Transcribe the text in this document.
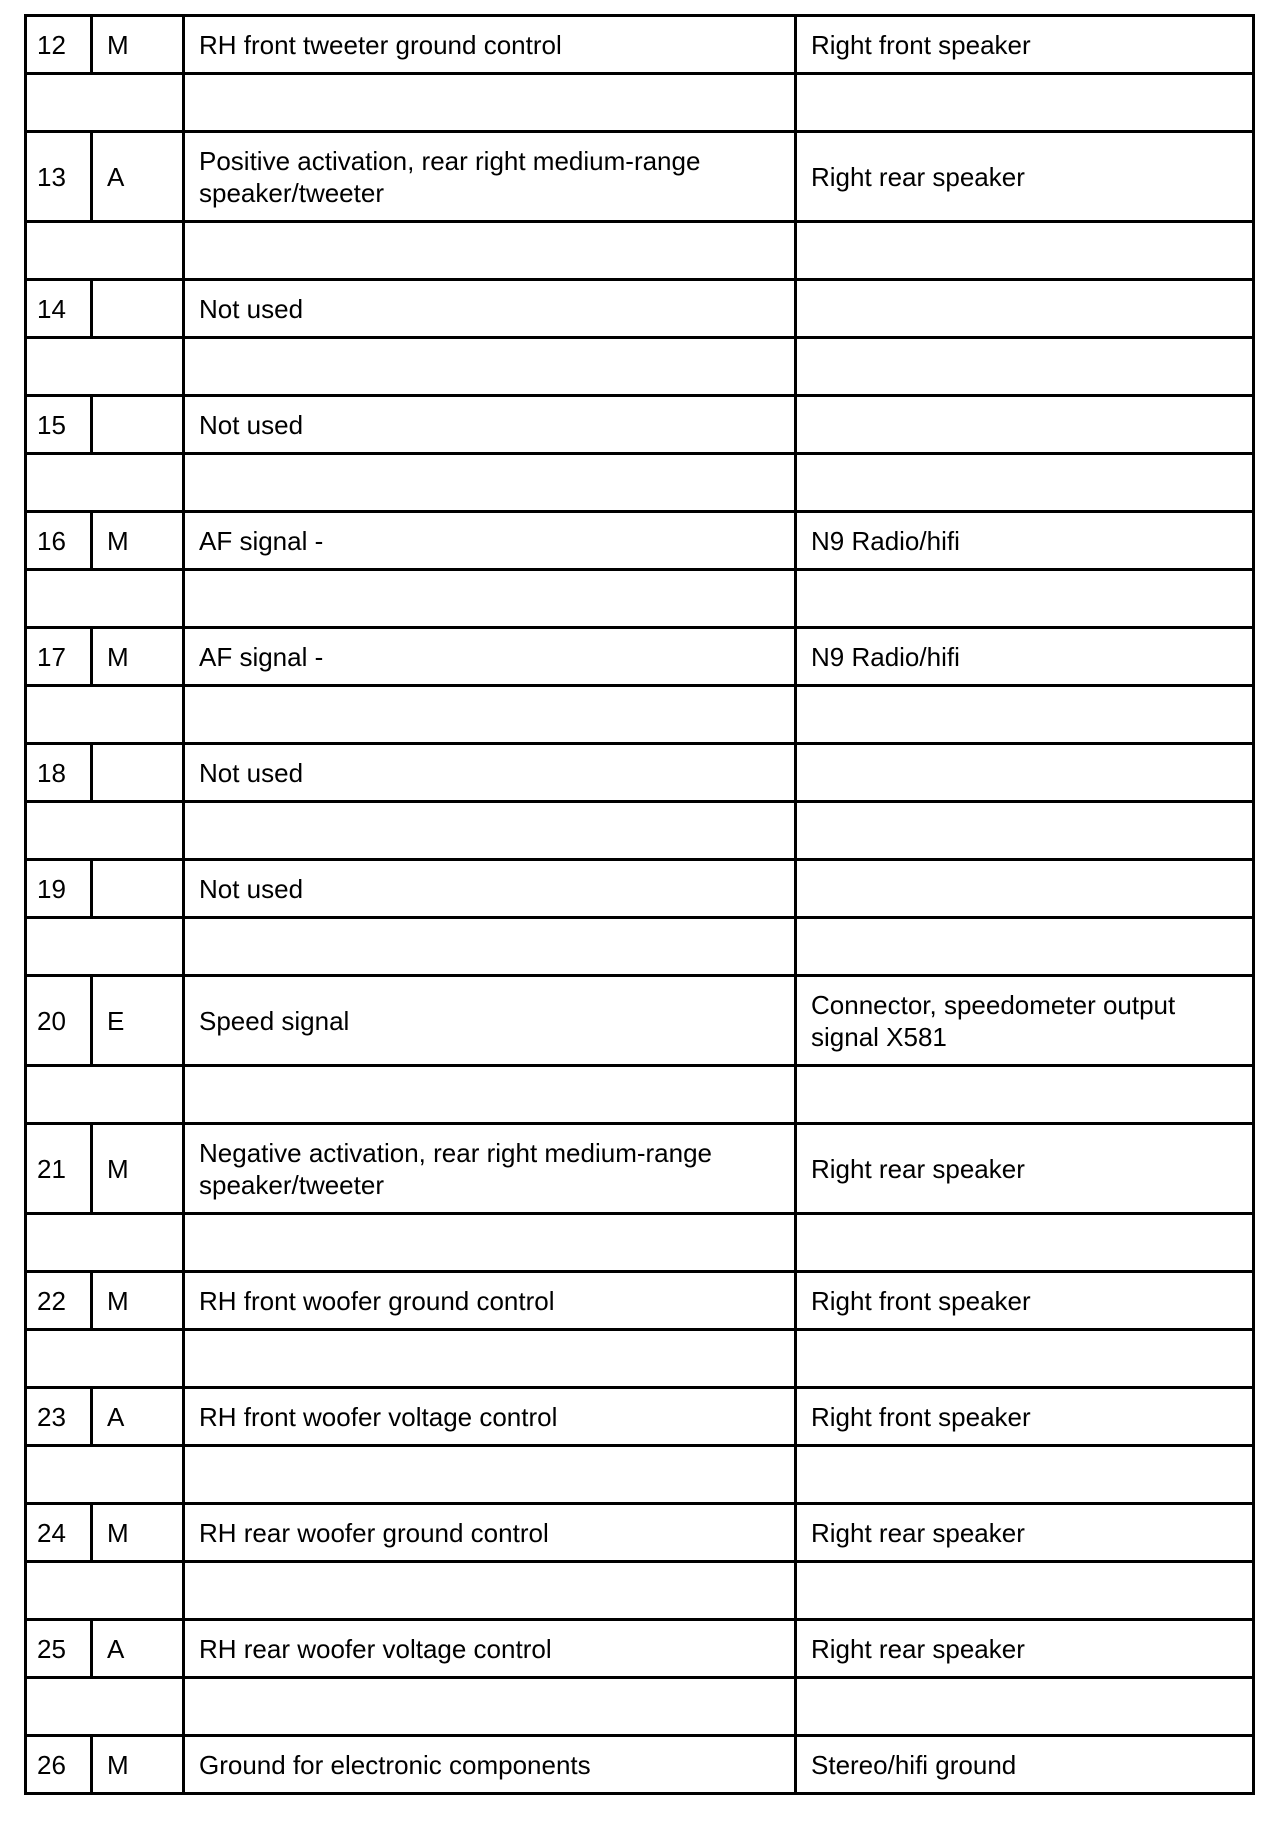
12	M	RH front tweeter ground control	Right front speaker

13	A	Positive activation, rear right medium-range speaker/tweeter	Right rear speaker

14		Not used	

15		Not used	

16	M	AF signal -	N9 Radio/hifi

17	M	AF signal -	N9 Radio/hifi

18		Not used	

19		Not used	

20	E	Speed signal	Connector, speedometer output signal X581

21	M	Negative activation, rear right medium-range speaker/tweeter	Right rear speaker

22	M	RH front woofer ground control	Right front speaker

23	A	RH front woofer voltage control	Right front speaker

24	M	RH rear woofer ground control	Right rear speaker

25	A	RH rear woofer voltage control	Right rear speaker

26	M	Ground for electronic components	Stereo/hifi ground
